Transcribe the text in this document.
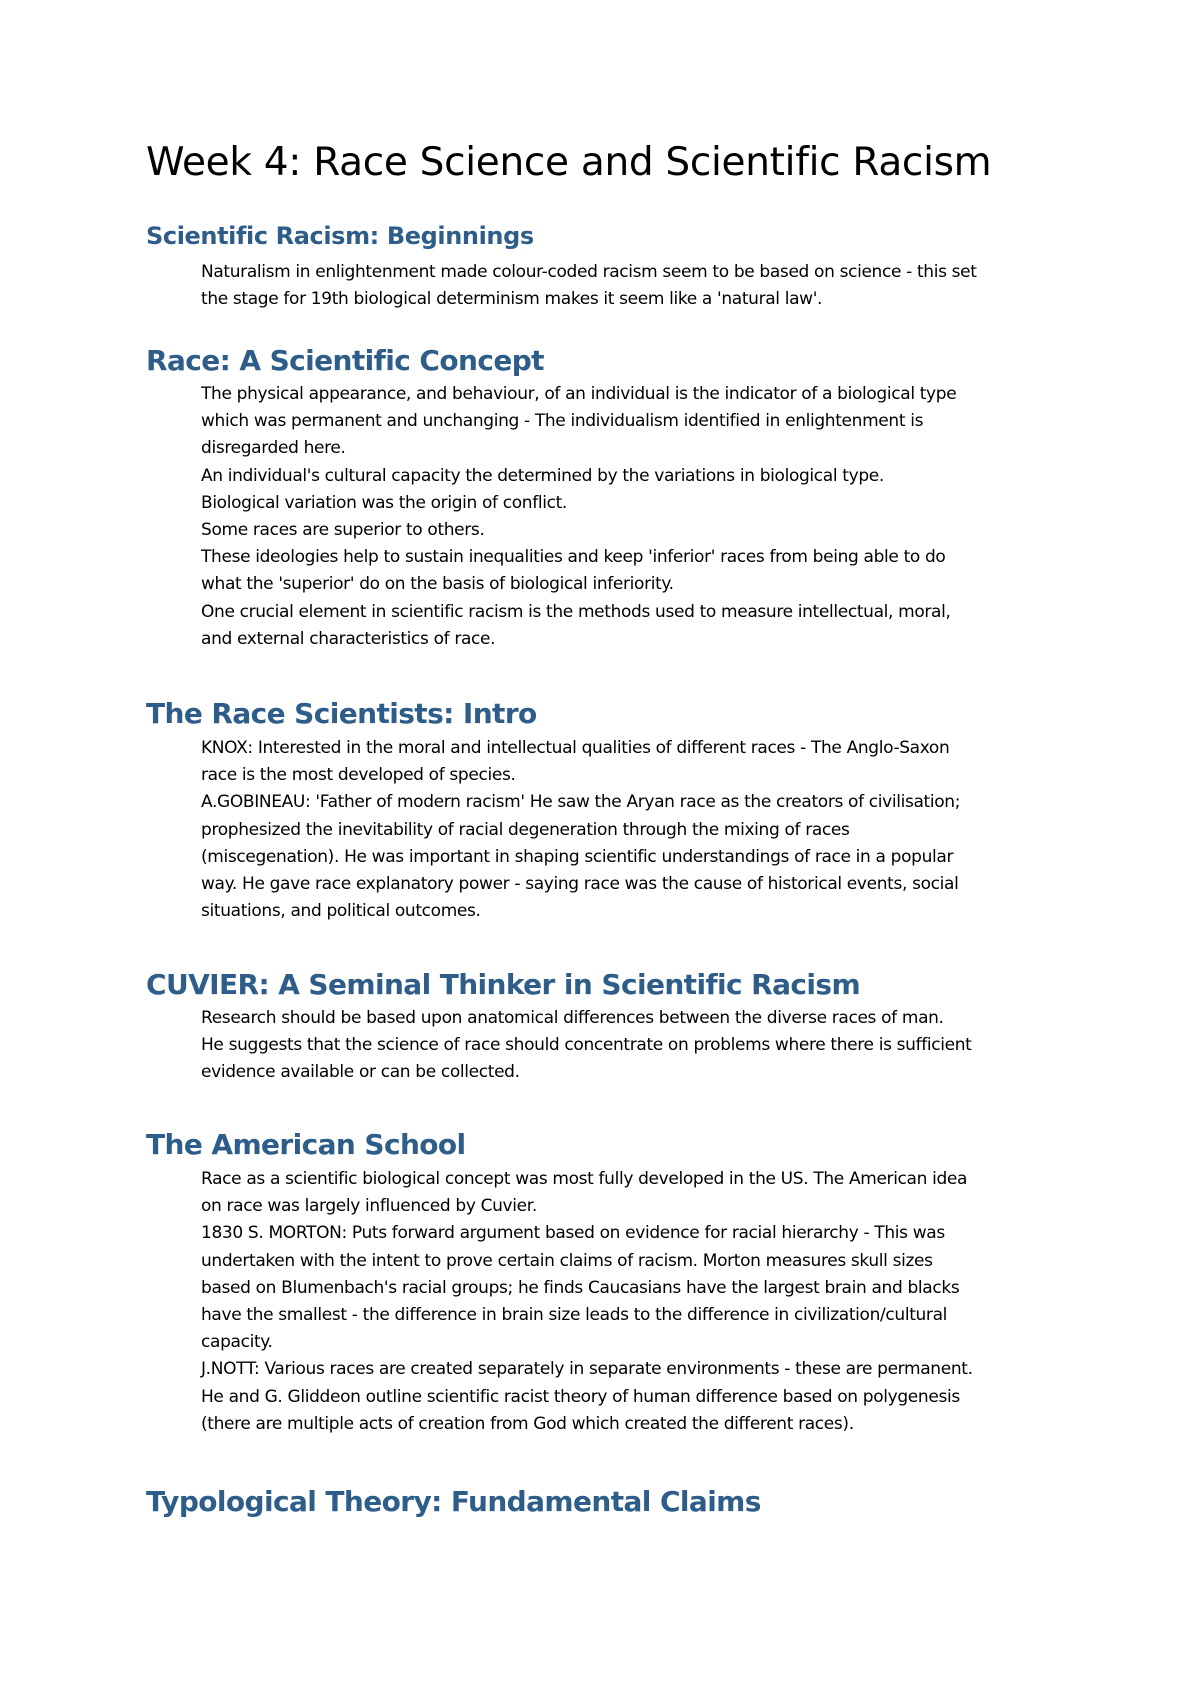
Week 4: Race Science and Scientific Racism
Scientific Racism: Beginnings

Naturalism in enlightenment made colour-coded racism seem to be based on science - this set
the stage for 19th biological determinism makes it seem like a 'natural law'.

Race: A Scientific Concept

The physical appearance, and behaviour, of an individual is the indicator of a biological type
which was permanent and unchanging - The individualism identified in enlightenment is
disregarded here.
An individual's cultural capacity the determined by the variations in biological type.
Biological variation was the origin of conflict.
Some races are superior to others.
These ideologies help to sustain inequalities and keep 'inferior' races from being able to do
what the 'superior' do on the basis of biological inferiority.
One crucial element in scientific racism is the methods used to measure intellectual, moral,
and external characteristics of race.

The Race Scientists: Intro

KNOX: Interested in the moral and intellectual qualities of different races - The Anglo-Saxon
race is the most developed of species.
A.GOBINEAU: 'Father of modern racism' He saw the Aryan race as the creators of civilisation;
prophesized the inevitability of racial degeneration through the mixing of races
(miscegenation). He was important in shaping scientific understandings of race in a popular
way. He gave race explanatory power - saying race was the cause of historical events, social
situations, and political outcomes.

CUVIER: A Seminal Thinker in Scientific Racism

Research should be based upon anatomical differences between the diverse races of man.
He suggests that the science of race should concentrate on problems where there is sufficient
evidence available or can be collected.

The American School

Race as a scientific biological concept was most fully developed in the US. The American idea
on race was largely influenced by Cuvier.
1830 S. MORTON: Puts forward argument based on evidence for racial hierarchy - This was
undertaken with the intent to prove certain claims of racism. Morton measures skull sizes
based on Blumenbach's racial groups; he finds Caucasians have the largest brain and blacks
have the smallest - the difference in brain size leads to the difference in civilization/cultural
capacity.
J.NOTT: Various races are created separately in separate environments - these are permanent.
He and G. Gliddeon outline scientific racist theory of human difference based on polygenesis
(there are multiple acts of creation from God which created the different races).

Typological Theory: Fundamental Claims
